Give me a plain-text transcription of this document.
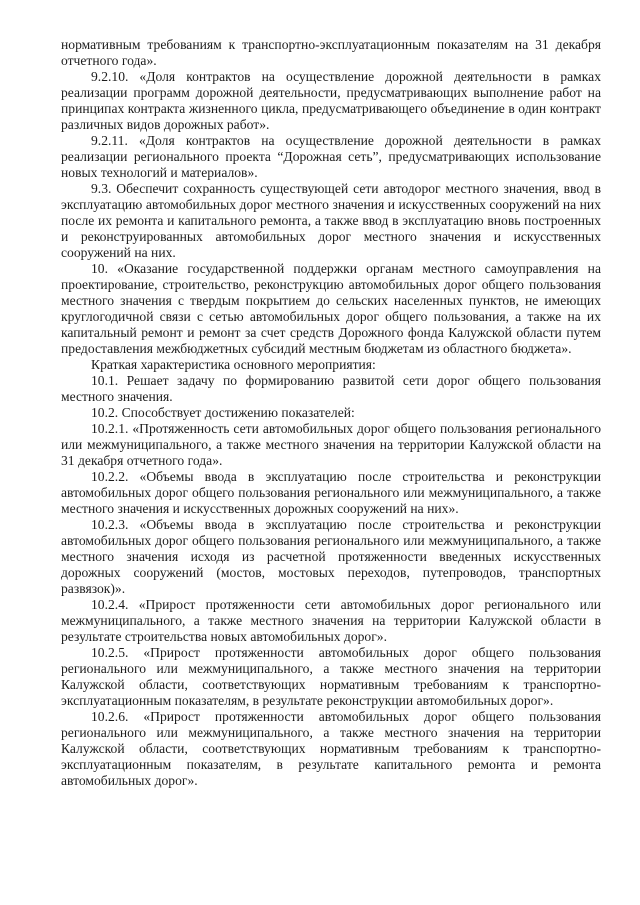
нормативным требованиям к транспортно-эксплуатационным показателям на 31 декабря отчетного года».

9.2.10. «Доля контрактов на осуществление дорожной деятельности в рамках реализации программ дорожной деятельности, предусматривающих выполнение работ на принципах контракта жизненного цикла, предусматривающего объединение в один контракт различных видов дорожных работ».

9.2.11. «Доля контрактов на осуществление дорожной деятельности в рамках реализации регионального проекта “Дорожная сеть”, предусматривающих использование новых технологий и материалов».

9.3. Обеспечит сохранность существующей сети автодорог местного значения, ввод в эксплуатацию автомобильных дорог местного значения и искусственных сооружений на них после их ремонта и капитального ремонта, а также ввод в эксплуатацию вновь построенных и реконструированных автомобильных дорог местного значения и искусственных сооружений на них.

10. «Оказание государственной поддержки органам местного самоуправления на проектирование, строительство, реконструкцию автомобильных дорог общего пользования местного значения с твердым покрытием до сельских населенных пунктов, не имеющих круглогодичной связи с сетью автомобильных дорог общего пользования, а также на их капитальный ремонт и ремонт за счет средств Дорожного фонда Калужской области путем предоставления межбюджетных субсидий местным бюджетам из областного бюджета».

Краткая характеристика основного мероприятия:

10.1. Решает задачу по формированию развитой сети дорог общего пользования местного значения.

10.2. Способствует достижению показателей:

10.2.1. «Протяженность сети автомобильных дорог общего пользования регионального или межмуниципального, а также местного значения на территории Калужской области на 31 декабря отчетного года».

10.2.2. «Объемы ввода в эксплуатацию после строительства и реконструкции автомобильных дорог общего пользования регионального или межмуниципального, а также местного значения и искусственных дорожных сооружений на них».

10.2.3. «Объемы ввода в эксплуатацию после строительства и реконструкции автомобильных дорог общего пользования регионального или межмуниципального, а также местного значения исходя из расчетной протяженности введенных искусственных дорожных сооружений (мостов, мостовых переходов, путепроводов, транспортных развязок)».

10.2.4. «Прирост протяженности сети автомобильных дорог регионального или межмуниципального, а также местного значения на территории Калужской области в результате строительства новых автомобильных дорог».

10.2.5. «Прирост протяженности автомобильных дорог общего пользования регионального или межмуниципального, а также местного значения на территории Калужской области, соответствующих нормативным требованиям к транспортно-эксплуатационным показателям, в результате реконструкции автомобильных дорог».

10.2.6. «Прирост протяженности автомобильных дорог общего пользования регионального или межмуниципального, а также местного значения на территории Калужской области, соответствующих нормативным требованиям к транспортно-эксплуатационным показателям, в результате капитального ремонта и ремонта автомобильных дорог».
